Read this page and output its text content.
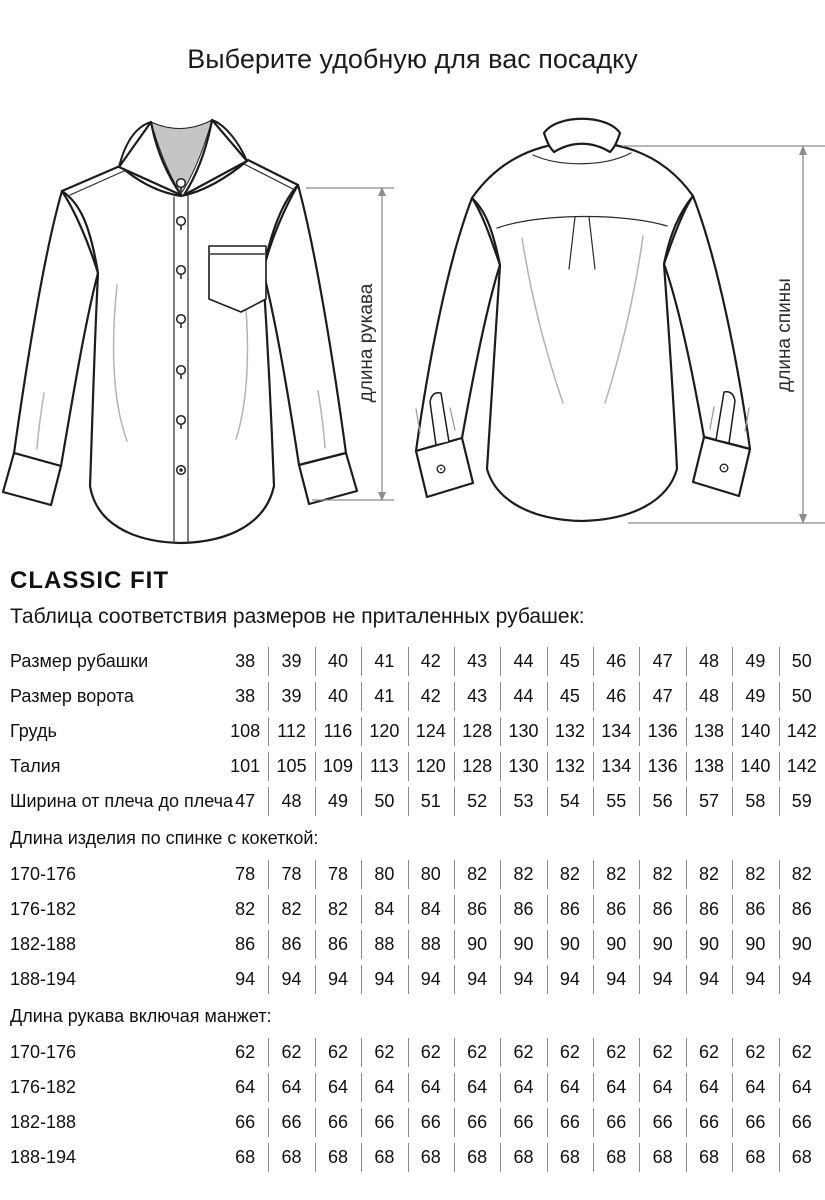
Выберите удобную для вас посадку
длина рукава	длина спины
CLASSIC FIT

Таблица соответствия размеров не приталенных рубашек:

Размер рубашки	38	39	40	41	42	43	44	45	46	47	48	49	50
Размер ворота	38	39	40	41	42	43	44	45	46	47	48	49	50
Грудь	108 112 116 120 124 128 130 132 134 136 138 140 142
Талия	101 105 109 113 120 128 130 132 134 136 138 140 142
Ширина от плеча до плеча 47	48	49	50	51	52	53	54	55	56	57	58	59
Длина изделия по спинке с кокеткой:
170-176	78	78	78	80	80	82	82	82	82	82	82	82	82
176-182	82	82	82	84	84	86	86	86	86	86	86	86	86
182-188	86	86	86	88	88	90	90	90	90	90	90	90	90
188-194	94	94	94	94	94	94	94	94	94	94	94	94	94
Длина рукава включая манжет:
170-176	62	62	62	62	62	62	62	62	62	62	62	62	62
176-182	64	64	64	64	64	64	64	64	64	64	64	64	64
182-188	66	66	66	66	66	66	66	66	66	66	66	66	66
188-194	68	68	68	68	68	68	68	68	68	68	68	68	68
